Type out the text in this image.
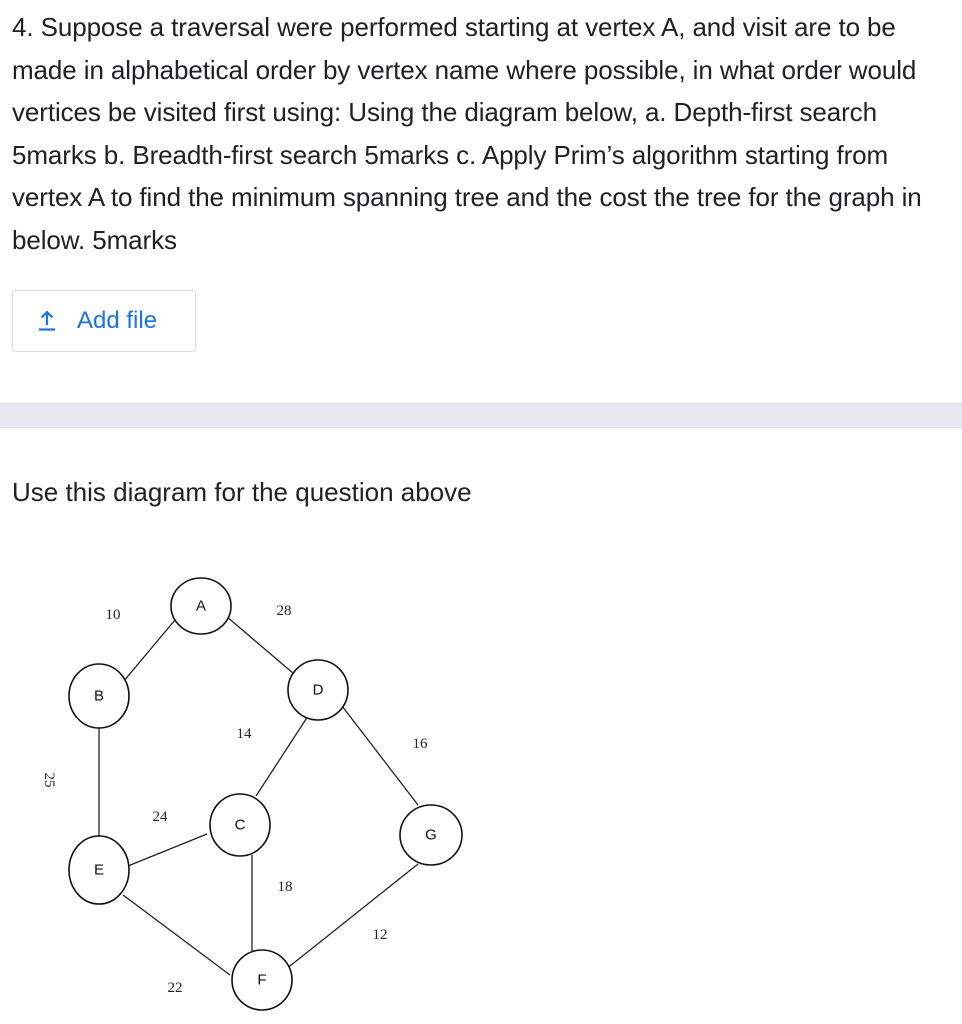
4. Suppose a traversal were performed starting at vertex A, and visit are to be made in alphabetical order by vertex name where possible, in what order would vertices be visited first using: Using the diagram below, a. Depth-first search 5marks b. Breadth-first search 5marks c. Apply Prim’s algorithm starting from vertex A to find the minimum spanning tree and the cost the tree for the graph in below. 5marks

Add file
Use this diagram for the question above
10	28
25
14
16
24
18
12
22
A
B
C
D
E
F
G
